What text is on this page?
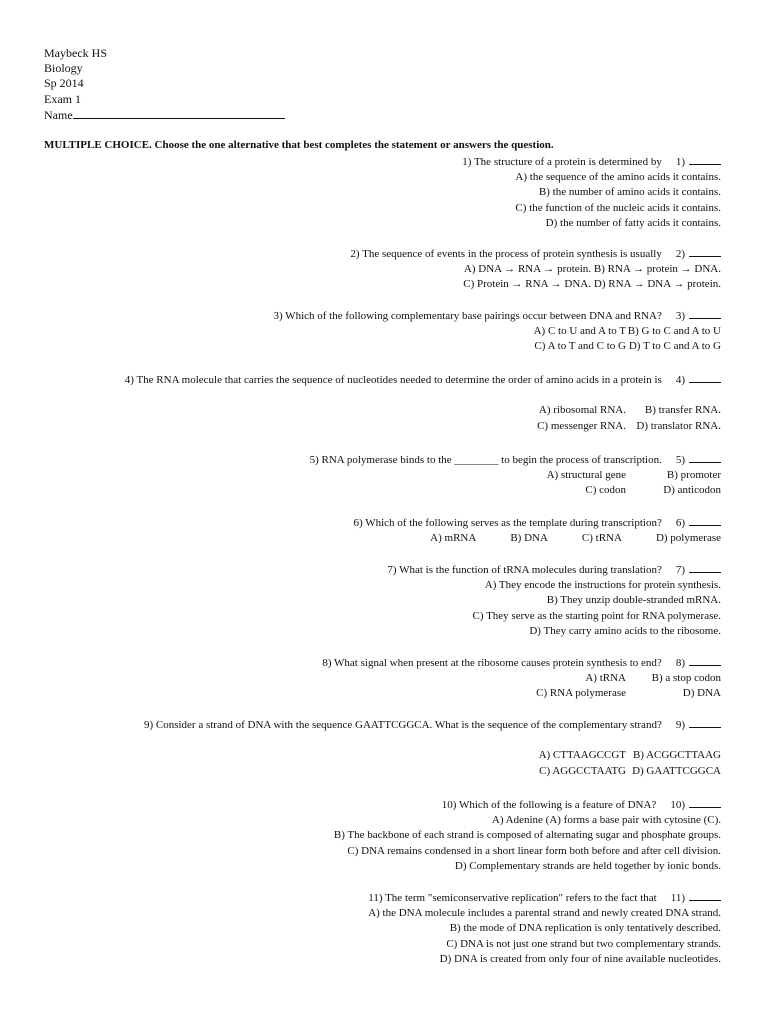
Maybeck HS
Biology
Sp 2014
Exam 1
Name
MULTIPLE CHOICE. Choose the one alternative that best completes the statement or answers the question.
1) The structure of a protein is determined by 1)
A) the sequence of the amino acids it contains.
B) the number of amino acids it contains.
C) the function of the nucleic acids it contains.
D) the number of fatty acids it contains.
2) The sequence of events in the process of protein synthesis is usually 2)
A) DNA → RNA → protein. B) RNA → protein → DNA.
C) Protein → RNA → DNA. D) RNA → DNA → protein.
3) Which of the following complementary base pairings occur between DNA and RNA? 3)
A) C to U and A to T B) G to C and A to U
C) A to T and C to G D) T to C and A to G
4) The RNA molecule that carries the sequence of nucleotides needed to determine the order of amino acids in a protein is 4)
A) ribosomal RNA.	B) transfer RNA.
C) messenger RNA. D) translator RNA.
5) RNA polymerase binds to the ________ to begin the process of transcription. 5)
A) structural gene	B) promoter
C) codon	D) anticodon
6) Which of the following serves as the template during transcription? 6)
A) mRNA	B) DNA	C) tRNA	D) polymerase
7) What is the function of tRNA molecules during translation? 7)
A) They encode the instructions for protein synthesis.
B) They unzip double-stranded mRNA.
C) They serve as the starting point for RNA polymerase.
D) They carry amino acids to the ribosome.
8) What signal when present at the ribosome causes protein synthesis to end? 8)
A) tRNA	B) a stop codon
C) RNA polymerase	D) DNA
9) Consider a strand of DNA with the sequence GAATTCGGCA. What is the sequence of the complementary strand? 9)
A) CTTAAGCCGT B) ACGGCTTAAG
C) AGGCCTAATG D) GAATTCGGCA
10) Which of the following is a feature of DNA? 10)
A) Adenine (A) forms a base pair with cytosine (C).
B) The backbone of each strand is composed of alternating sugar and phosphate groups.
C) DNA remains condensed in a short linear form both before and after cell division.
D) Complementary strands are held together by ionic bonds.
11) The term "semiconservative replication" refers to the fact that 11)
A) the DNA molecule includes a parental strand and newly created DNA strand.
B) the mode of DNA replication is only tentatively described.
C) DNA is not just one strand but two complementary strands.
D) DNA is created from only four of nine available nucleotides.
